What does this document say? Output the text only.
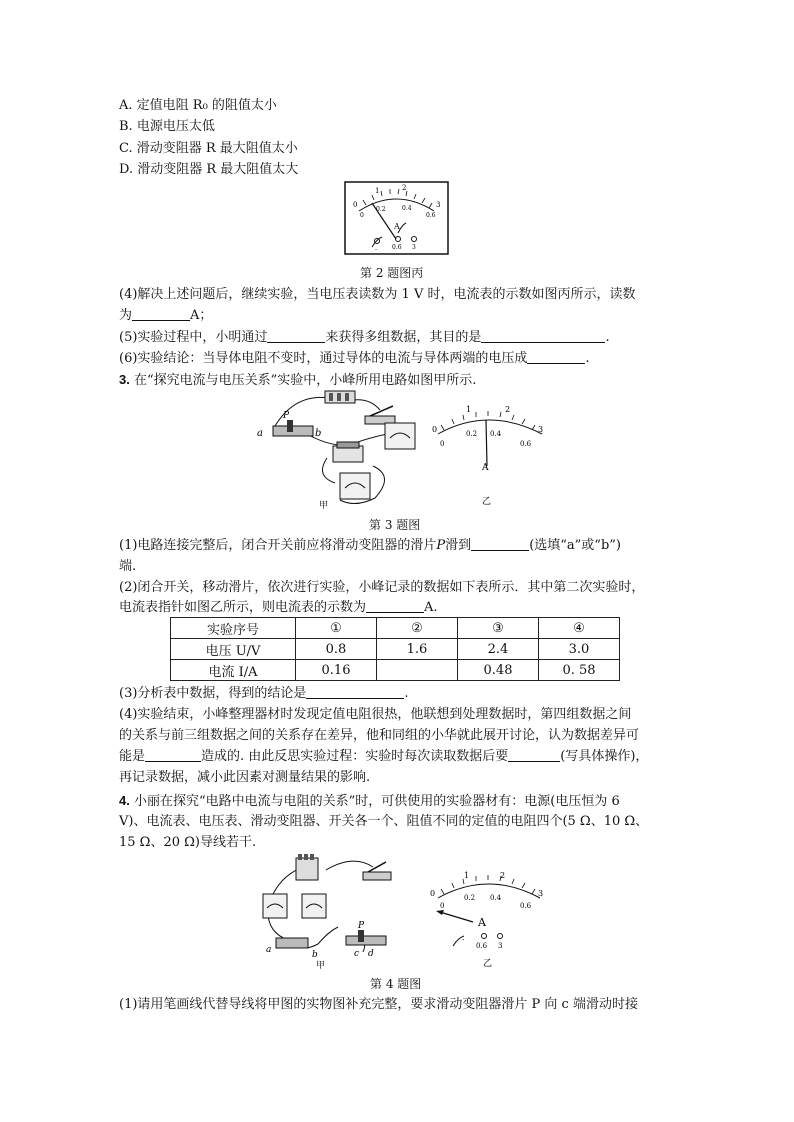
A. 定值电阻 R₀ 的阻值太小
B. 电源电压太低
C. 滑动变阻器 R 最大阻值太小
D. 滑动变阻器 R 最大阻值太大
0
1	2
3
0
0.2	0.4
0.6
A
- 0.6 3
第 2 题图丙
(4)解决上述问题后，继续实验，当电压表读数为 1 V 时，电流表的示数如图丙所示，读数
为	A；
(5)实验过程中，小明通过	来获得多组数据，其目的是	.
(6)实验结论：当导体电阻不变时，通过导体的电流与导体两端的电压成	.
3. 在“探究电流与电压关系”实验中，小峰所用电路如图甲所示.
a	b
P
甲
0
1	2
3
0
0.2 0.4
0.6
A
乙
第 3 题图
(1)电路连接完整后，闭合开关前应将滑动变阻器的滑片P滑到	(选填“a”或“b”)
端.
(2)闭合开关，移动滑片，依次进行实验，小峰记录的数据如下表所示．其中第二次实验时，
电流表指针如图乙所示，则电流表的示数为	A.
实验序号	①	②	③	④
电压 U/V	0.8	1.6	2.4	3.0
电流 I/A	0.16		0.48	0. 58
(3)分析表中数据，得到的结论是	.
(4)实验结束，小峰整理器材时发现定值电阻很热，他联想到处理数据时，第四组数据之间
的关系与前三组数据之间的关系存在差异，他和同组的小华就此展开讨论，认为数据差异可
能是	造成的. 由此反思实验过程：实验时每次读取数据后要	(写具体操作)，
再记录数据，减小此因素对测量结果的影响.
4. 小丽在探究“电路中电流与电阻的关系”时，可供使用的实验器材有：电源(电压恒为 6
V)、电流表、电压表、滑动变阻器、开关各一个、阻值不同的定值的电阻四个(5 Ω、10 Ω、
15 Ω、20 Ω)导线若干.
a	b
P
c d
甲
0
1	2
3
0
0.2 0.4
0.6
A
-
0.6 3
乙
第 4 题图
(1)请用笔画线代替导线将甲图的实物图补充完整，要求滑动变阻器滑片 P 向 c 端滑动时接
